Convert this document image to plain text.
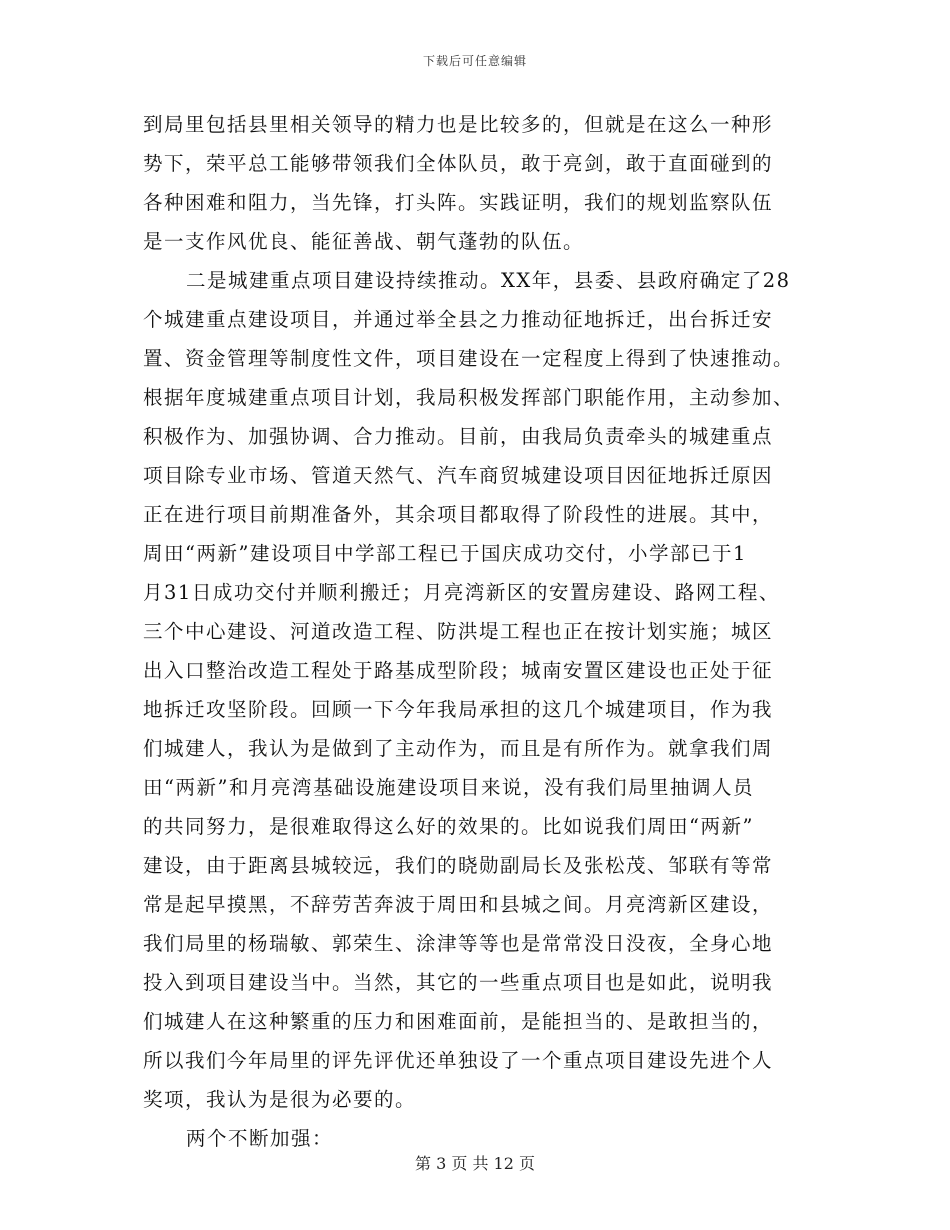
下载后可任意编辑
到局里包括县里相关领导的精力也是比较多的，但就是在这么一种形
势下，荣平总工能够带领我们全体队员，敢于亮剑，敢于直面碰到的
各种困难和阻力，当先锋，打头阵。实践证明，我们的规划监察队伍
是一支作风优良、能征善战、朝气蓬勃的队伍。
二是城建重点项目建设持续推动。XX年，县委、县政府确定了28
个城建重点建设项目，并通过举全县之力推动征地拆迁，出台拆迁安
置、资金管理等制度性文件，项目建设在一定程度上得到了快速推动。
根据年度城建重点项目计划，我局积极发挥部门职能作用，主动参加、
积极作为、加强协调、合力推动。目前，由我局负责牵头的城建重点
项目除专业市场、管道天然气、汽车商贸城建设项目因征地拆迁原因
正在进行项目前期准备外，其余项目都取得了阶段性的进展。其中，
周田“两新”建设项目中学部工程已于国庆成功交付，小学部已于1
月31日成功交付并顺利搬迁；月亮湾新区的安置房建设、路网工程、
三个中心建设、河道改造工程、防洪堤工程也正在按计划实施；城区
出入口整治改造工程处于路基成型阶段；城南安置区建设也正处于征
地拆迁攻坚阶段。回顾一下今年我局承担的这几个城建项目，作为我
们城建人，我认为是做到了主动作为，而且是有所作为。就拿我们周
田“两新”和月亮湾基础设施建设项目来说，没有我们局里抽调人员
的共同努力，是很难取得这么好的效果的。比如说我们周田“两新”
建设，由于距离县城较远，我们的晓勋副局长及张松茂、邹联有等常
常是起早摸黑，不辞劳苦奔波于周田和县城之间。月亮湾新区建设，
我们局里的杨瑞敏、郭荣生、涂津等等也是常常没日没夜，全身心地
投入到项目建设当中。当然，其它的一些重点项目也是如此，说明我
们城建人在这种繁重的压力和困难面前，是能担当的、是敢担当的，
所以我们今年局里的评先评优还单独设了一个重点项目建设先进个人
奖项，我认为是很为必要的。
两个不断加强：
第 3 页 共 12 页
